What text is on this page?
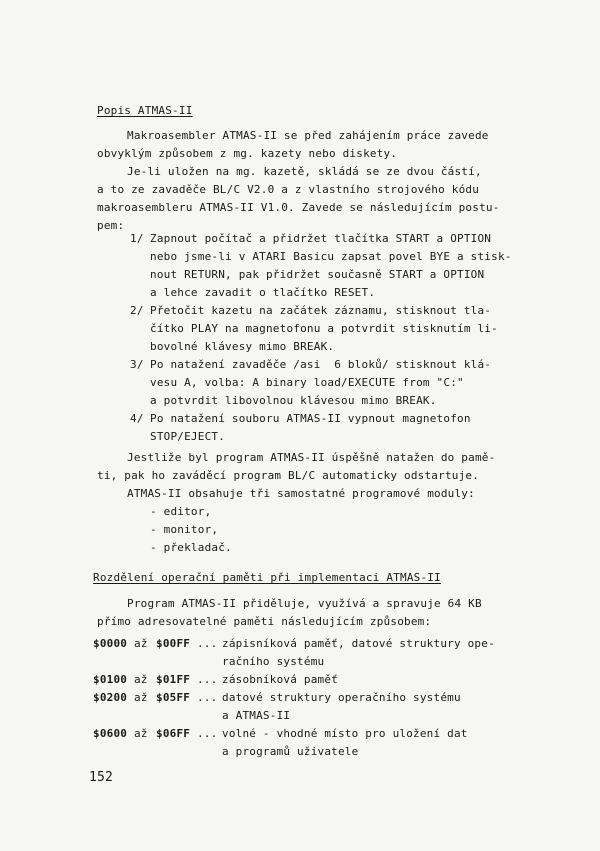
Popis ATMAS-II
Makroasembler ATMAS-II se před zahájením práce zavede
obvyklým způsobem z mg. kazety nebo diskety.
Je-li uložen na mg. kazetě, skládá se ze dvou částí,
a to ze zavaděče BL/C V2.0 a z vlastního strojového kódu
makroasembleru ATMAS-II V1.0. Zavede se následujícím postu-
pem:
1/ Zapnout počítač a přidržet tlačítka START a OPTION
nebo jsme-li v ATARI Basicu zapsat povel BYE a stisk-
nout RETURN, pak přidržet současně START a OPTION
a lehce zavadit o tlačítko RESET.
2/ Přetočit kazetu na začátek záznamu, stisknout tla-
čítko PLAY na magnetofonu a potvrdit stisknutím li-
bovolné klávesy mimo BREAK.
3/ Po natažení zavaděče /asi  6 bloků/ stisknout klá-
vesu A, volba: A binary load/EXECUTE from "C:"
a potvrdit libovolnou klávesou mimo BREAK.
4/ Po natažení souboru ATMAS-II vypnout magnetofon
STOP/EJECT.
Jestliže byl program ATMAS-II úspěšně natažen do pamě-
ti, pak ho zaváděcí program BL/C automaticky odstartuje.
ATMAS-II obsahuje tři samostatné programové moduly:
- editor,
- monitor,
- překladač.
Rozdělení operační paměti při implementaci ATMAS-II
Program ATMAS-II přiděluje, využívá a spravuje 64 KB
přímo adresovatelné paměti následujícím způsobem:
$0000 až $00FF ... zápisníková paměť, datové struktury ope-
račního systému
$0100 až $01FF ... zásobníková paměť
$0200 až $05FF ... datové struktury operačního systému
a ATMAS-II
$0600 až $06FF ... volné - vhodné místo pro uložení dat
a programů uživatele
152
